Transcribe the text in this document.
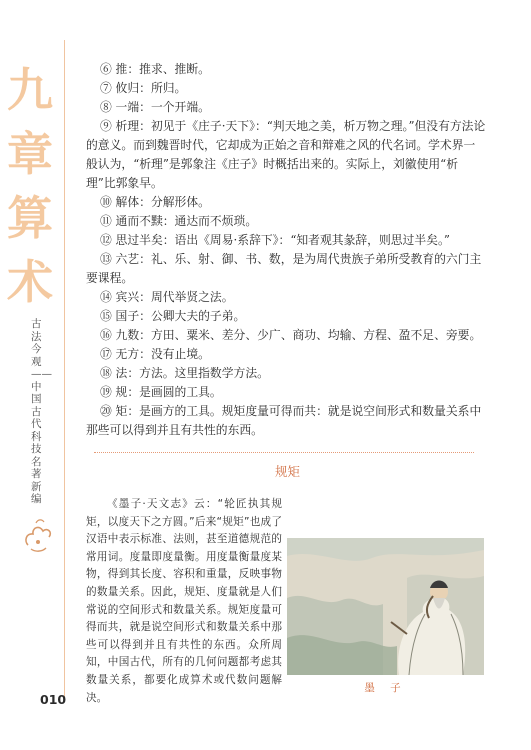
九
章
算
术
古法今观——中国古代科技名著新编

⑥ 推：推求、推断。

⑦ 攸归：所归。

⑧ 一端：一个开端。

⑨ 析理：初见于《庄子·天下》：“判天地之美，析万物之理。”但没有方法论的意义。而到魏晋时代，它却成为正始之音和辩难之风的代名词。学术界一般认为，“析理”是郭象注《庄子》时概括出来的。实际上，刘徽使用“析理”比郭象早。

⑩ 解体：分解形体。

⑪ 通而不黩：通达而不烦琐。

⑫ 思过半矣：语出《周易·系辞下》：“知者观其彖辞，则思过半矣。”

⑬ 六艺：礼、乐、射、御、书、数，是为周代贵族子弟所受教育的六门主要课程。

⑭ 宾兴：周代举贤之法。

⑮ 国子：公卿大夫的子弟。

⑯ 九数：方田、粟米、差分、少广、商功、均输、方程、盈不足、旁要。

⑰ 无方：没有止境。

⑱ 法：方法。这里指数学方法。

⑲ 规：是画圆的工具。

⑳ 矩：是画方的工具。规矩度量可得而共：就是说空间形式和数量关系中那些可以得到并且有共性的东西。

规矩

《墨子·天文志》云：“轮匠执其规矩，以度天下之方圆。”后来“规矩”也成了汉语中表示标准、法则，甚至道德规范的常用词。度量即度量衡。用度量衡量度某物，得到其长度、容积和重量，反映事物的数量关系。因此，规矩、度量就是人们常说的空间形式和数量关系。规矩度量可得而共，就是说空间形式和数量关系中那些可以得到并且有共性的东西。众所周知，中国古代，所有的几何问题都考虑其数量关系，都要化成算术或代数问题解决。

墨 子
010
